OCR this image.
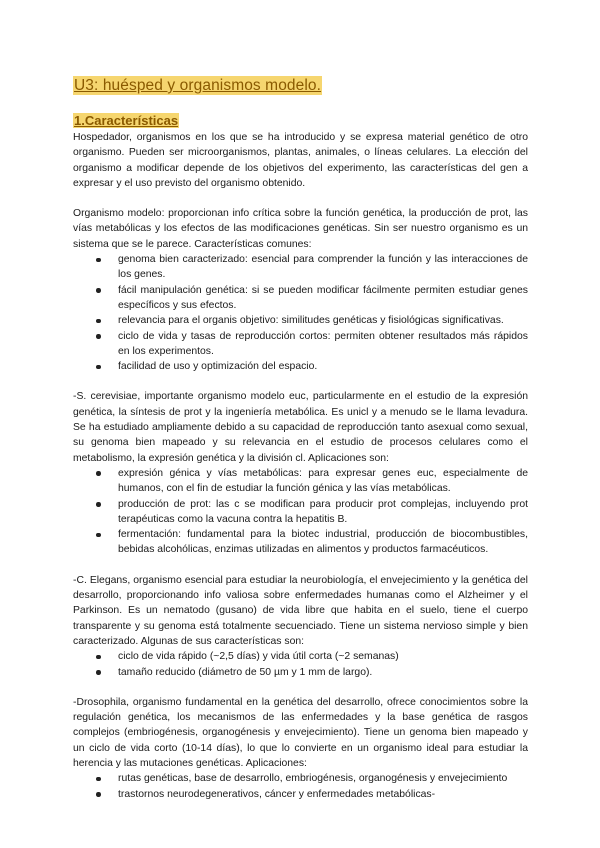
U3: huésped y organismos modelo.
1.Características

Hospedador, organismos en los que se ha introducido y se expresa material genético de otro organismo. Pueden ser microorganismos, plantas, animales, o líneas celulares. La elección del organismo a modificar depende de los objetivos del experimento, las características del gen a expresar y el uso previsto del organismo obtenido.

Organismo modelo: proporcionan info crítica sobre la función genética, la producción de prot, las vías metabólicas y los efectos de las modificaciones genéticas. Sin ser nuestro organismo es un sistema que se le parece. Características comunes:

genoma bien caracterizado: esencial para comprender la función y las interacciones de los genes.
fácil manipulación genética: si se pueden modificar fácilmente permiten estudiar genes específicos y sus efectos.
relevancia para el organis objetivo: similitudes genéticas y fisiológicas significativas.
ciclo de vida y tasas de reproducción cortos: permiten obtener resultados más rápidos en los experimentos.
facilidad de uso y optimización del espacio.

-S. cerevisiae, importante organismo modelo euc, particularmente en el estudio de la expresión genética, la síntesis de prot y la ingeniería metabólica. Es unicl y a menudo se le llama levadura. Se ha estudiado ampliamente debido a su capacidad de reproducción tanto asexual como sexual, su genoma bien mapeado y su relevancia en el estudio de procesos celulares como el metabolismo, la expresión genética y la división cl. Aplicaciones son:

expresión génica y vías metabólicas: para expresar genes euc, especialmente de humanos, con el fin de estudiar la función génica y las vías metabólicas.
producción de prot: las c se modifican para producir prot complejas, incluyendo prot terapéuticas como la vacuna contra la hepatitis B.
fermentación: fundamental para la biotec industrial, producción de biocombustibles, bebidas alcohólicas, enzimas utilizadas en alimentos y productos farmacéuticos.

-C. Elegans, organismo esencial para estudiar la neurobiología, el envejecimiento y la genética del desarrollo, proporcionando info valiosa sobre enfermedades humanas como el Alzheimer y el Parkinson. Es un nematodo (gusano) de vida libre que habita en el suelo, tiene el cuerpo transparente y su genoma está totalmente secuenciado. Tiene un sistema nervioso simple y bien caracterizado. Algunas de sus características son:

ciclo de vida rápido (~2,5 días) y vida útil corta (~2 semanas)
tamaño reducido (diámetro de 50 µm y 1 mm de largo).

-Drosophila, organismo fundamental en la genética del desarrollo, ofrece conocimientos sobre la regulación genética, los mecanismos de las enfermedades y la base genética de rasgos complejos (embriogénesis, organogénesis y envejecimiento). Tiene un genoma bien mapeado y un ciclo de vida corto (10-14 días), lo que lo convierte en un organismo ideal para estudiar la herencia y las mutaciones genéticas. Aplicaciones:

rutas genéticas, base de desarrollo, embriogénesis, organogénesis y envejecimiento
trastornos neurodegenerativos, cáncer y enfermedades metabólicas-
